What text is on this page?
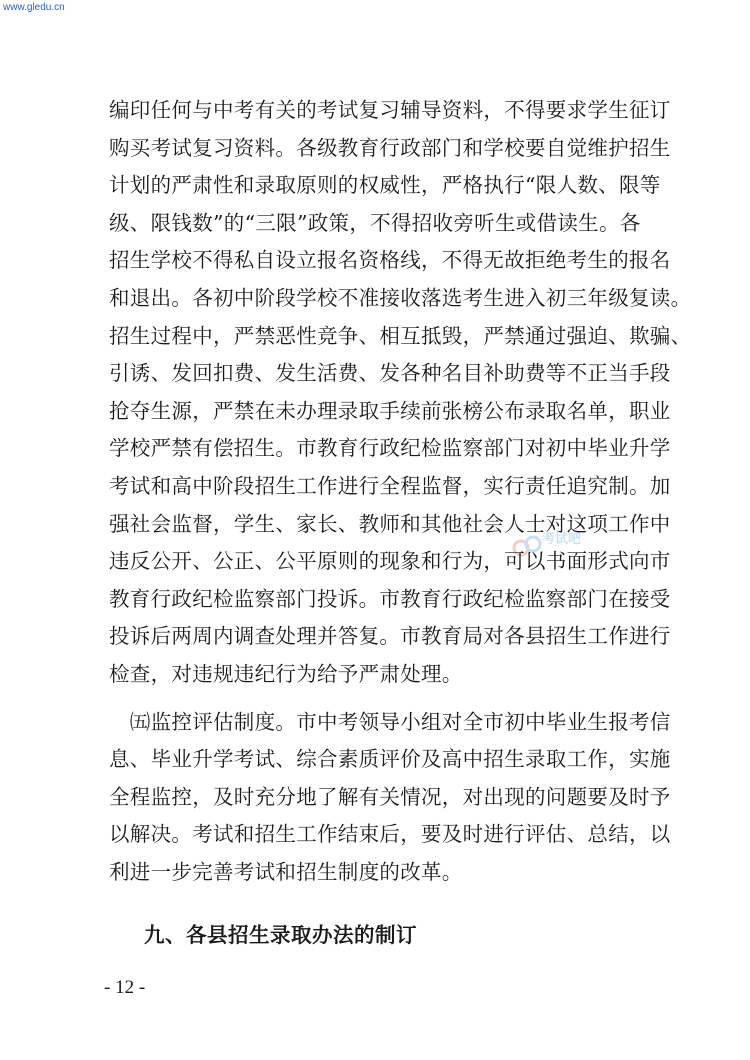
www.gledu.cn
考试吧
编印任何与中考有关的考试复习辅导资料，不得要求学生征订
购买考试复习资料。各级教育行政部门和学校要自觉维护招生
计划的严肃性和录取原则的权威性，严格执行“限人数、限等
级、限钱数”的“三限”政策，不得招收旁听生或借读生。各
招生学校不得私自设立报名资格线，不得无故拒绝考生的报名
和退出。各初中阶段学校不准接收落选考生进入初三年级复读。
招生过程中，严禁恶性竞争、相互抵毁，严禁通过强迫、欺骗、
引诱、发回扣费、发生活费、发各种名目补助费等不正当手段
抢夺生源，严禁在未办理录取手续前张榜公布录取名单，职业
学校严禁有偿招生。市教育行政纪检监察部门对初中毕业升学
考试和高中阶段招生工作进行全程监督，实行责任追究制。加
强社会监督，学生、家长、教师和其他社会人士对这项工作中
违反公开、公正、公平原则的现象和行为，可以书面形式向市
教育行政纪检监察部门投诉。市教育行政纪检监察部门在接受
投诉后两周内调查处理并答复。市教育局对各县招生工作进行
检查，对违规违纪行为给予严肃处理。
　㈤监控评估制度。市中考领导小组对全市初中毕业生报考信
息、毕业升学考试、综合素质评价及高中招生录取工作，实施
全程监控，及时充分地了解有关情况，对出现的问题要及时予
以解决。考试和招生工作结束后，要及时进行评估、总结，以
利进一步完善考试和招生制度的改革。
九、各县招生录取办法的制订
- 12 -
